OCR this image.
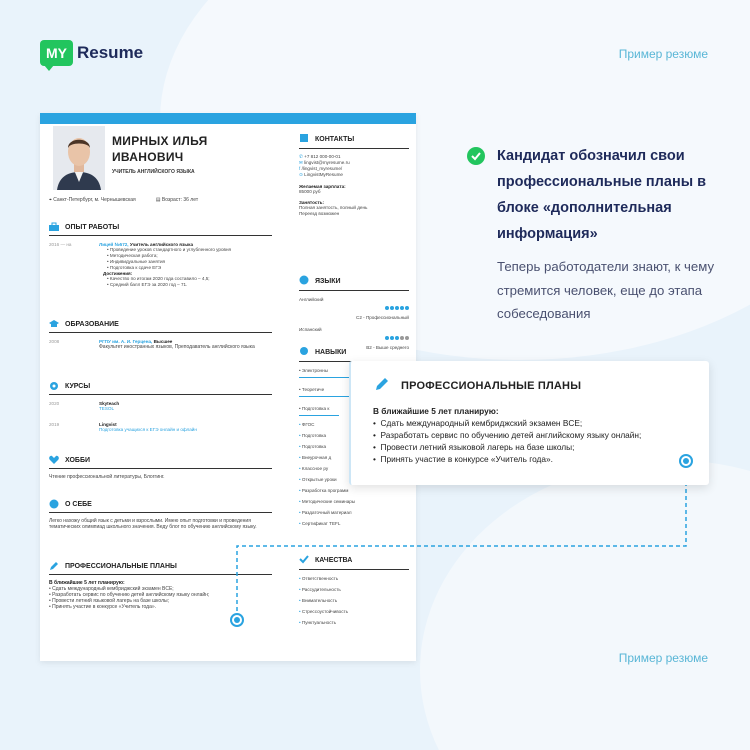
MY Resume	Пример резюме
Пример резюме
МИРНЫХ ИЛЬЯ ИВАНОВИЧ
УЧИТЕЛЬ АНГЛИЙСКОГО ЯЗЫКА
⌖ Санкт-Петербург, м. Чернышевская	▤ Возраст: 36 лет
ОПЫТ РАБОТЫ
2016 — на	Лицей №572, Учитель английского языка
• Проведение уроков стандартного и углубленного уровня
• Методическая работа;
• Индивидуальные занятия
• Подготовка к сдаче ЕГЭ
Достижения:
• Качество по итогам 2020 года составило – 4,5;
• Средний балл ЕГЭ за 2020 год – 71.
ОБРАЗОВАНИЕ
2008	РГПУ им. А. И. Герцена, Высшее
Факультет иностранных языков, Преподаватель английского языка
КУРСЫ
2020	Skyteach
TESOL
2019	Lingvist
Подготовка учащихся к ЕГЭ онлайн и офлайн
ХОББИ
Чтение профессиональной литературы, Блоггинг.
О СЕБЕ
Легко нахожу общий язык с детьми и взрослыми. Имею опыт подготовки и проведения тематических олимпиад школьного значения. Веду блог по обучению английскому языку.
ПРОФЕССИОНАЛЬНЫЕ ПЛАНЫ
В ближайшие 5 лет планирую:
• Сдать международный кембриджский экзамен BCE;
• Разработать сервис по обучению детей английскому языку онлайн;
• Провести летний языковой лагерь на базе школы;
• Принять участие в конкурсе «Учитель года».
КОНТАКТЫ
✆ +7 812 000-00-01
✉ lingvist@myresume.ru
f /lingvist_myresume/
⊙ LingvistMyResume
Желаемая зарплата:
85000 руб
Занятость:
Полная занятость, полный день
Переезд возможен
ЯЗЫКИ
Английский
C2 - Профессиональный
Испанский
B2 - Выше среднего
НАВЫКИ
• Электронны
• Теоретиче
• Подготовка к
• ФГОС
• Подготовка
• Подготовка
• Внеурочная д
• Классное ру
• Открытые уроки
• Разработка программ
• Методические семинары
• Раздаточный материал
• Сертификат TEFL
КАЧЕСТВА
• Ответственность
• Рассудительность
• Внимательность
• Стрессоустойчивость
• Пунктуальность
ПРОФЕССИОНАЛЬНЫЕ ПЛАНЫ
В ближайшие 5 лет планирую:
•  Сдать международный кембриджский экзамен BCE;
•  Разработать сервис по обучению детей английскому языку онлайн;
•  Провести летний языковой лагерь на базе школы;
•  Принять участие в конкурсе «Учитель года».
Кандидат обозначил свои профессиональные планы в блоке «дополнительная информация»
Теперь работодатели знают, к чему стремится человек, еще до этапа собеседования
